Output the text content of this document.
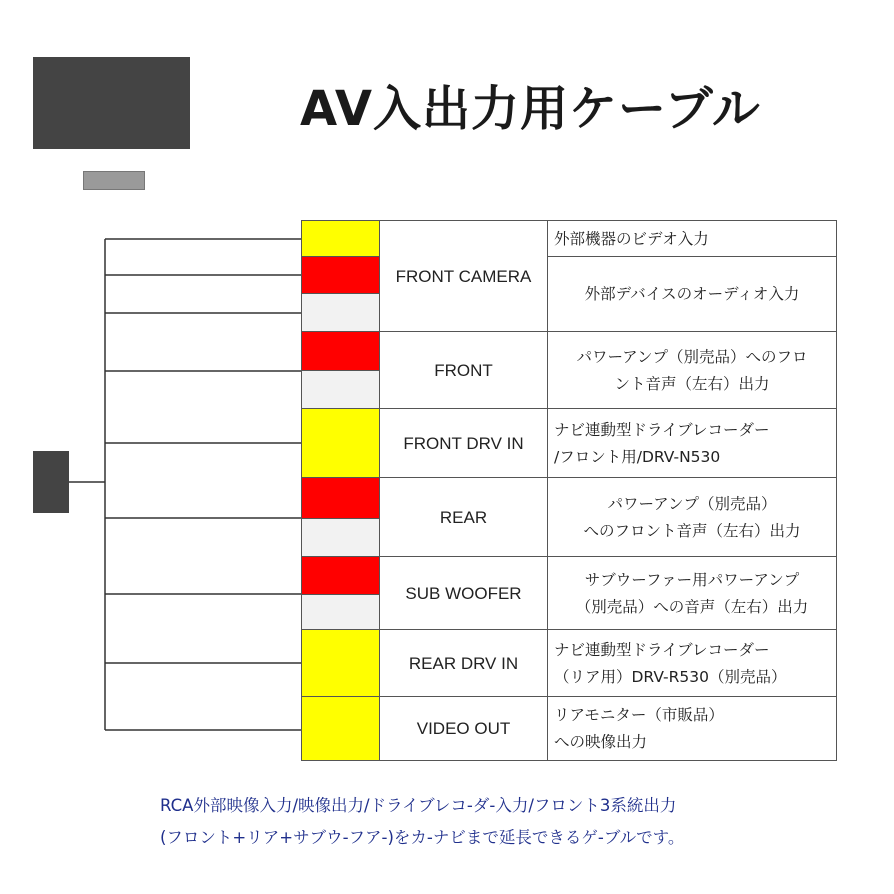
AV入出力用ケーブル
FRONT CAMERA
FRONT
FRONT DRV IN
REAR
SUB WOOFER
REAR DRV IN
VIDEO OUT
外部機器のビデオ入力
外部デバイスのオーディオ入力
パワーアンプ（別売品）へのフロ
ント音声（左右）出力
ナビ連動型ドライブレコーダー
/フロント用/DRV-N530
パワーアンプ（別売品）
へのフロント音声（左右）出力
サブウーファー用パワーアンプ
（別売品）への音声（左右）出力
ナビ連動型ドライブレコーダー
（リア用）DRV-R530（別売品）
リアモニター（市販品）
への映像出力
RCA外部映像入力/映像出力/ドライブレコ-ダ-入力/フロント3系統出力
(フロント+リア+サブウ-フア-)をカ-ナビまで延長できるゲ-ブルです。
